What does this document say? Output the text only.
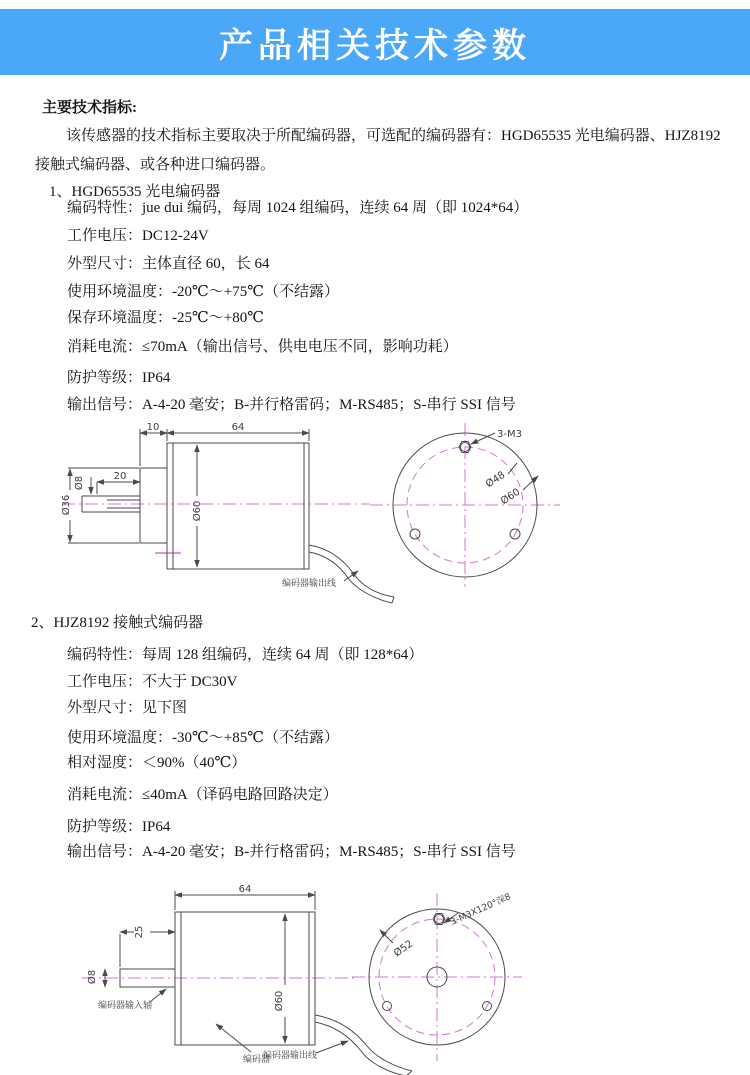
产品相关技术参数
主要技术指标:
该传感器的技术指标主要取决于所配编码器，可选配的编码器有：HGD65535 光电编码器、HJZ8192 接触式编码器、或各种进口编码器。
1、HGD65535 光电编码器
编码特性：jue dui 编码，每周 1024 组编码，连续 64 周（即 1024*64）
工作电压：DC12-24V
外型尺寸：主体直径 60，长 64
使用环境温度：-20℃～+75℃（不结露）
保存环境温度：-25℃～+80℃
消耗电流：≤70mA（输出信号、供电电压不同，影响功耗）
防护等级：IP64
输出信号：A-4-20 毫安；B-并行格雷码；M-RS485；S-串行 SSI 信号
10	64
20
Ø8
Ø36	Ø60
编码器输出线
3-M3
Ø48
Ø60
2、HJZ8192 接触式编码器
编码特性：每周 128 组编码，连续 64 周（即 128*64）
工作电压：不大于 DC30V
外型尺寸：见下图
使用环境温度：-30℃～+85℃（不结露）
相对湿度：＜90%（40℃）
消耗电流：≤40mA（译码电路回路决定）
防护等级：IP64
输出信号：A-4-20 毫安；B-并行格雷码；M-RS485；S-串行 SSI 信号
64
25
Ø8
Ø60
编码器输入轴
编码器
编码器输出线
3-M3X120°深8
Ø52
